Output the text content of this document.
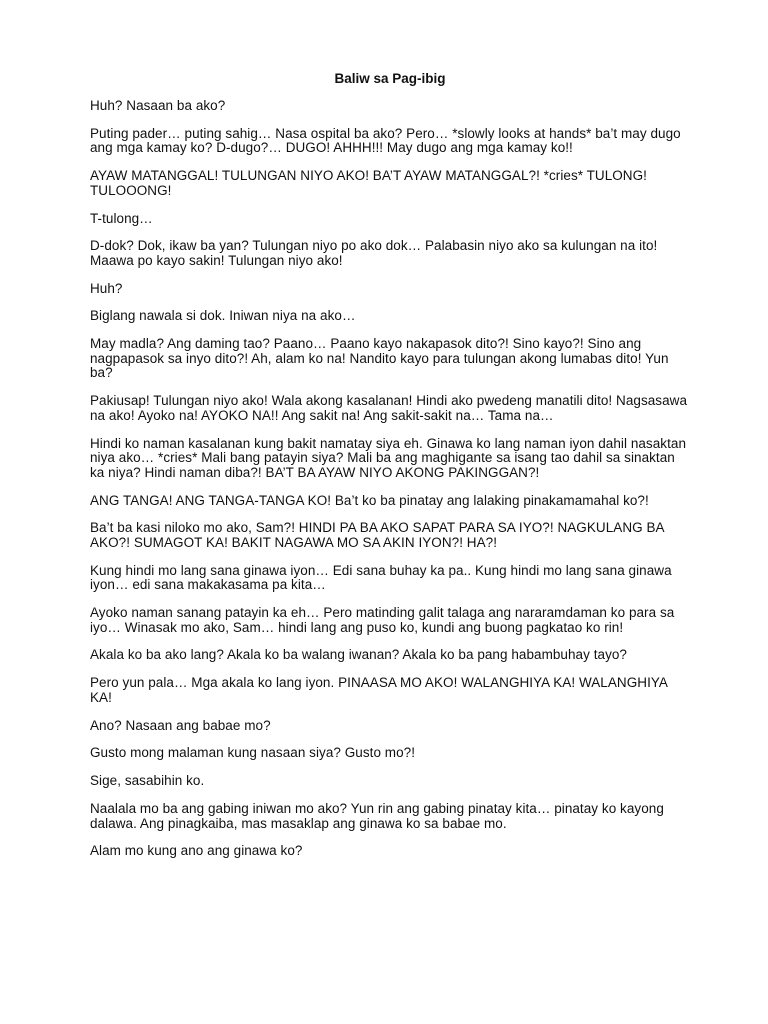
Baliw sa Pag-ibig

Huh? Nasaan ba ako?

Puting pader… puting sahig… Nasa ospital ba ako? Pero… *slowly looks at hands* ba’t may dugo ang mga kamay ko? D-dugo?… DUGO! AHHH!!! May dugo ang mga kamay ko!!

AYAW MATANGGAL! TULUNGAN NIYO AKO! BA’T AYAW MATANGGAL?! *cries* TULONG! TULOOONG!

T-tulong…

D-dok? Dok, ikaw ba yan? Tulungan niyo po ako dok… Palabasin niyo ako sa kulungan na ito! Maawa po kayo sakin! Tulungan niyo ako!

Huh?

Biglang nawala si dok. Iniwan niya na ako…

May madla? Ang daming tao? Paano… Paano kayo nakapasok dito?! Sino kayo?! Sino ang nagpapasok sa inyo dito?! Ah, alam ko na! Nandito kayo para tulungan akong lumabas dito! Yun ba?

Pakiusap! Tulungan niyo ako! Wala akong kasalanan! Hindi ako pwedeng manatili dito! Nagsasawa na ako! Ayoko na! AYOKO NA!! Ang sakit na! Ang sakit-sakit na… Tama na…

Hindi ko naman kasalanan kung bakit namatay siya eh. Ginawa ko lang naman iyon dahil nasaktan niya ako… *cries* Mali bang patayin siya? Mali ba ang maghigante sa isang tao dahil sa sinaktan ka niya? Hindi naman diba?! BA’T BA AYAW NIYO AKONG PAKINGGAN?!

ANG TANGA! ANG TANGA-TANGA KO! Ba’t ko ba pinatay ang lalaking pinakamamahal ko?!

Ba’t ba kasi niloko mo ako, Sam?! HINDI PA BA AKO SAPAT PARA SA IYO?! NAGKULANG BA AKO?! SUMAGOT KA! BAKIT NAGAWA MO SA AKIN IYON?! HA?!

Kung hindi mo lang sana ginawa iyon… Edi sana buhay ka pa.. Kung hindi mo lang sana ginawa iyon… edi sana makakasama pa kita…

Ayoko naman sanang patayin ka eh… Pero matinding galit talaga ang nararamdaman ko para sa iyo… Winasak mo ako, Sam… hindi lang ang puso ko, kundi ang buong pagkatao ko rin!

Akala ko ba ako lang? Akala ko ba walang iwanan? Akala ko ba pang habambuhay tayo?

Pero yun pala… Mga akala ko lang iyon. PINAASA MO AKO! WALANGHIYA KA! WALANGHIYA KA!

Ano? Nasaan ang babae mo?

Gusto mong malaman kung nasaan siya? Gusto mo?!

Sige, sasabihin ko.

Naalala mo ba ang gabing iniwan mo ako? Yun rin ang gabing pinatay kita… pinatay ko kayong dalawa. Ang pinagkaiba, mas masaklap ang ginawa ko sa babae mo.

Alam mo kung ano ang ginawa ko?
